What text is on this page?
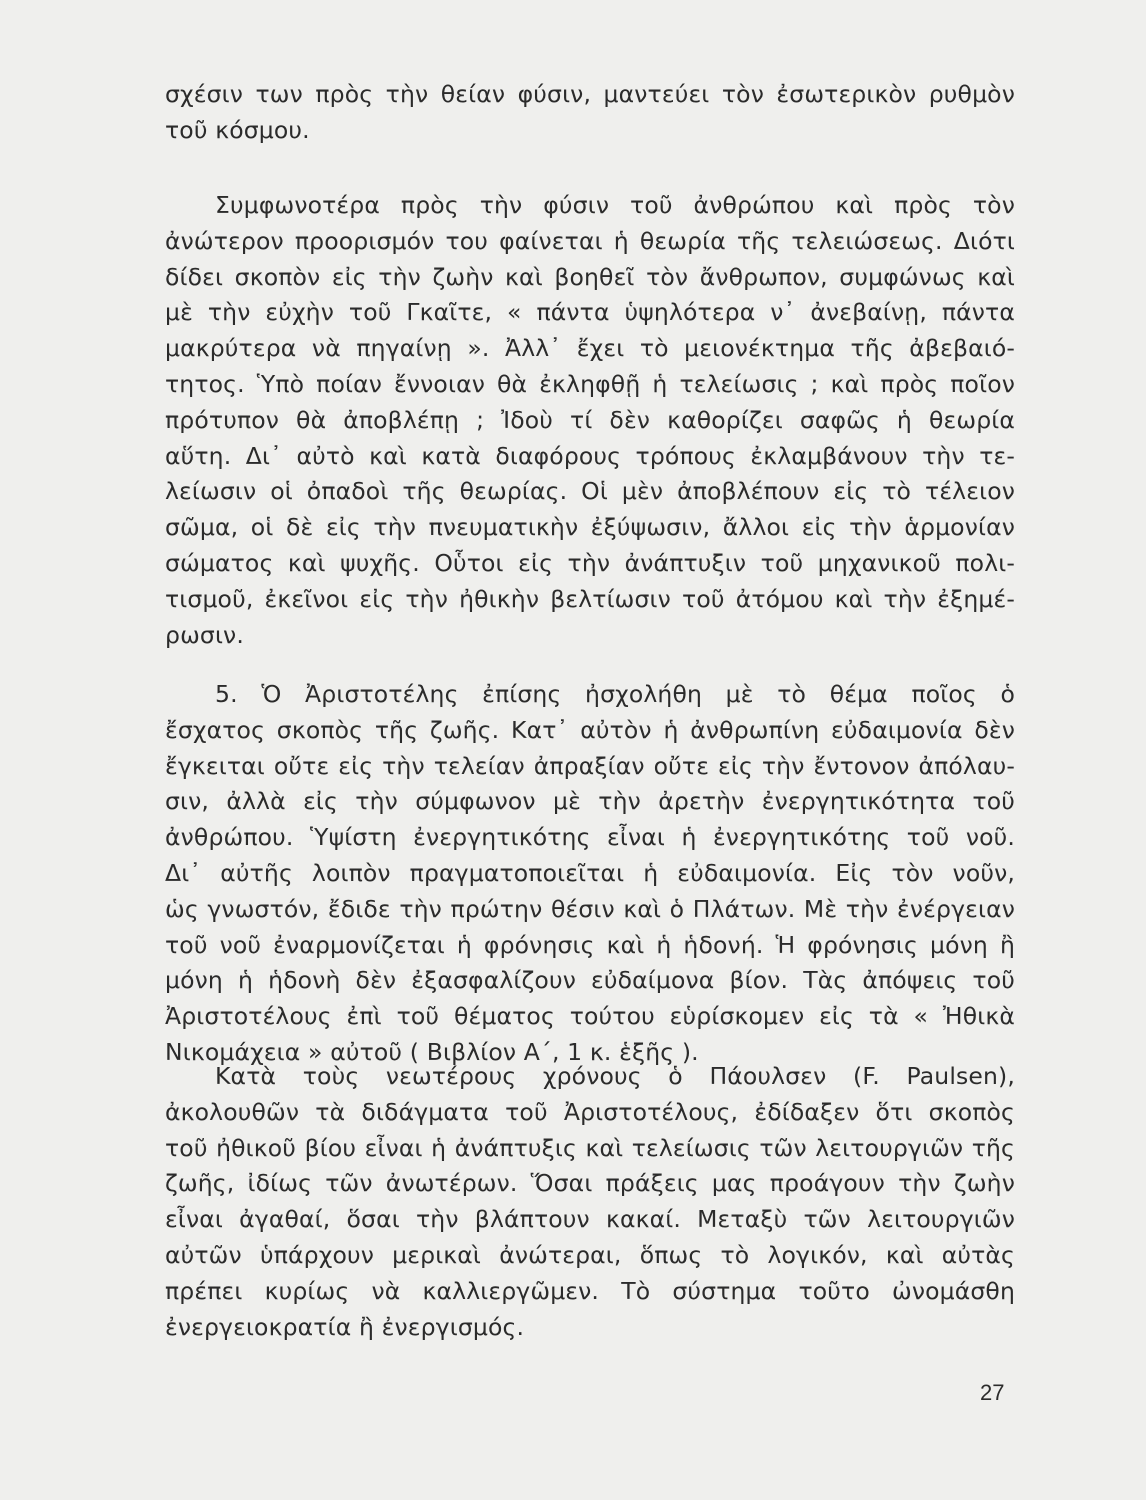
σχέσιν των πρὸς τὴν θείαν φύσιν, μαντεύει τὸν ἐσωτερικὸν ρυθμὸν
τοῦ κόσμου.
Συμφωνοτέρα πρὸς τὴν φύσιν τοῦ ἀνθρώπου καὶ πρὸς τὸν
ἀνώτερον προορισμόν του φαίνεται ἡ θεωρία τῆς τελειώσεως. Διότι
δίδει σκοπὸν εἰς τὴν ζωὴν καὶ βοηθεῖ τὸν ἄνθρωπον, συμφώνως καὶ
μὲ τὴν εὐχὴν τοῦ Γκαῖτε, « πάντα ὑψηλότερα ν᾽ ἀνεβαίνῃ, πάντα
μακρύτερα νὰ πηγαίνῃ ». Ἀλλ᾽ ἔχει τὸ μειονέκτημα τῆς ἀβεβαιό-
τητος. Ὑπὸ ποίαν ἔννοιαν θὰ ἐκληφθῇ ἡ τελείωσις ; καὶ πρὸς ποῖον
πρότυπον θὰ ἀποβλέπῃ ; Ἰδοὺ τί δὲν καθορίζει σαφῶς ἡ θεωρία
αὕτη. Δι᾽ αὐτὸ καὶ κατὰ διαφόρους τρόπους ἐκλαμβάνουν τὴν τε-
λείωσιν οἱ ὀπαδοὶ τῆς θεωρίας. Οἱ μὲν ἀποβλέπουν εἰς τὸ τέλειον
σῶμα, οἱ δὲ εἰς τὴν πνευματικὴν ἐξύψωσιν, ἄλλοι εἰς τὴν ἁρμονίαν
σώματος καὶ ψυχῆς. Οὗτοι εἰς τὴν ἀνάπτυξιν τοῦ μηχανικοῦ πολι-
τισμοῦ, ἐκεῖνοι εἰς τὴν ἠθικὴν βελτίωσιν τοῦ ἀτόμου καὶ τὴν ἐξημέ-
ρωσιν.
5. Ὁ Ἀριστοτέλης ἐπίσης ἠσχολήθη μὲ τὸ θέμα ποῖος ὁ
ἔσχατος σκοπὸς τῆς ζωῆς. Κατ᾽ αὐτὸν ἡ ἀνθρωπίνη εὐδαιμονία δὲν
ἔγκειται οὔτε εἰς τὴν τελείαν ἀπραξίαν οὔτε εἰς τὴν ἔντονον ἀπόλαυ-
σιν, ἀλλὰ εἰς τὴν σύμφωνον μὲ τὴν ἀρετὴν ἐνεργητικότητα τοῦ
ἀνθρώπου. Ὑψίστη ἐνεργητικότης εἶναι ἡ ἐνεργητικότης τοῦ νοῦ.
Δι᾽ αὐτῆς λοιπὸν πραγματοποιεῖται ἡ εὐδαιμονία. Εἰς τὸν νοῦν,
ὡς γνωστόν, ἔδιδε τὴν πρώτην θέσιν καὶ ὁ Πλάτων. Μὲ τὴν ἐνέργειαν
τοῦ νοῦ ἐναρμονίζεται ἡ φρόνησις καὶ ἡ ἡδονή. Ἡ φρόνησις μόνη ἢ
μόνη ἡ ἡδονὴ δὲν ἐξασφαλίζουν εὐδαίμονα βίον. Τὰς ἀπόψεις τοῦ
Ἀριστοτέλους ἐπὶ τοῦ θέματος τούτου εὑρίσκομεν εἰς τὰ « Ἠθικὰ
Νικομάχεια » αὐτοῦ ( Βιβλίον Α΄, 1 κ. ἑξῆς ).
Κατὰ τοὺς νεωτέρους χρόνους ὁ Πάουλσεν (F. Paulsen),
ἀκολουθῶν τὰ διδάγματα τοῦ Ἀριστοτέλους, ἐδίδαξεν ὅτι σκοπὸς
τοῦ ἠθικοῦ βίου εἶναι ἡ ἀνάπτυξις καὶ τελείωσις τῶν λειτουργιῶν τῆς
ζωῆς, ἰδίως τῶν ἀνωτέρων. Ὅσαι πράξεις μας προάγουν τὴν ζωὴν
εἶναι ἀγαθαί, ὅσαι τὴν βλάπτουν κακαί. Μεταξὺ τῶν λειτουργιῶν
αὐτῶν ὑπάρχουν μερικαὶ ἀνώτεραι, ὅπως τὸ λογικόν, καὶ αὐτὰς
πρέπει κυρίως νὰ καλλιεργῶμεν. Τὸ σύστημα τοῦτο ὠνομάσθη
ἐνεργειοκρατία ἢ ἐνεργισμός.
27
